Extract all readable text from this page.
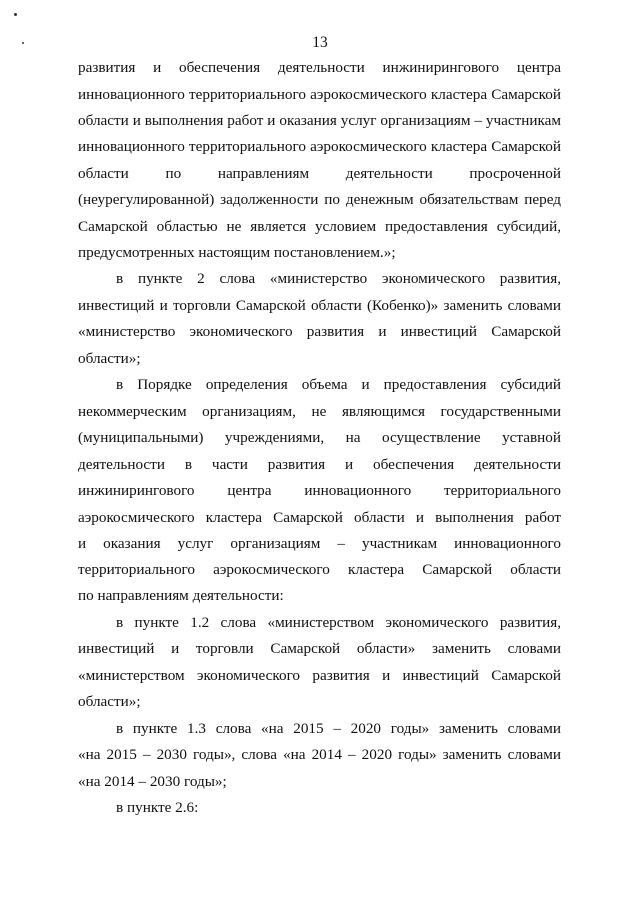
13
развития и обеспечения деятельности инжинирингового центра
инновационного территориального аэрокосмического кластера Самарской
области и выполнения работ и оказания услуг организациям – участникам
инновационного территориального аэрокосмического кластера Самарской
области по направлениям деятельности просроченной
(неурегулированной) задолженности по денежным обязательствам перед
Самарской областью не является условием предоставления субсидий,
предусмотренных настоящим постановлением.»;
в пункте 2 слова «министерство экономического развития,
инвестиций и торговли Самарской области (Кобенко)» заменить словами
«министерство экономического развития и инвестиций Самарской
области»;
в Порядке определения объема и предоставления субсидий
некоммерческим организациям, не являющимся государственными
(муниципальными) учреждениями, на осуществление уставной
деятельности в части развития и обеспечения деятельности
инжинирингового центра инновационного территориального
аэрокосмического кластера Самарской области и выполнения работ
и оказания услуг организациям – участникам инновационного
территориального аэрокосмического кластера Самарской области
по направлениям деятельности:
в пункте 1.2 слова «министерством экономического развития,
инвестиций и торговли Самарской области» заменить словами
«министерством экономического развития и инвестиций Самарской
области»;
в пункте 1.3 слова «на 2015 – 2020 годы» заменить словами
«на 2015 – 2030 годы», слова «на 2014 – 2020 годы» заменить словами
«на 2014 – 2030 годы»;
в пункте 2.6:
